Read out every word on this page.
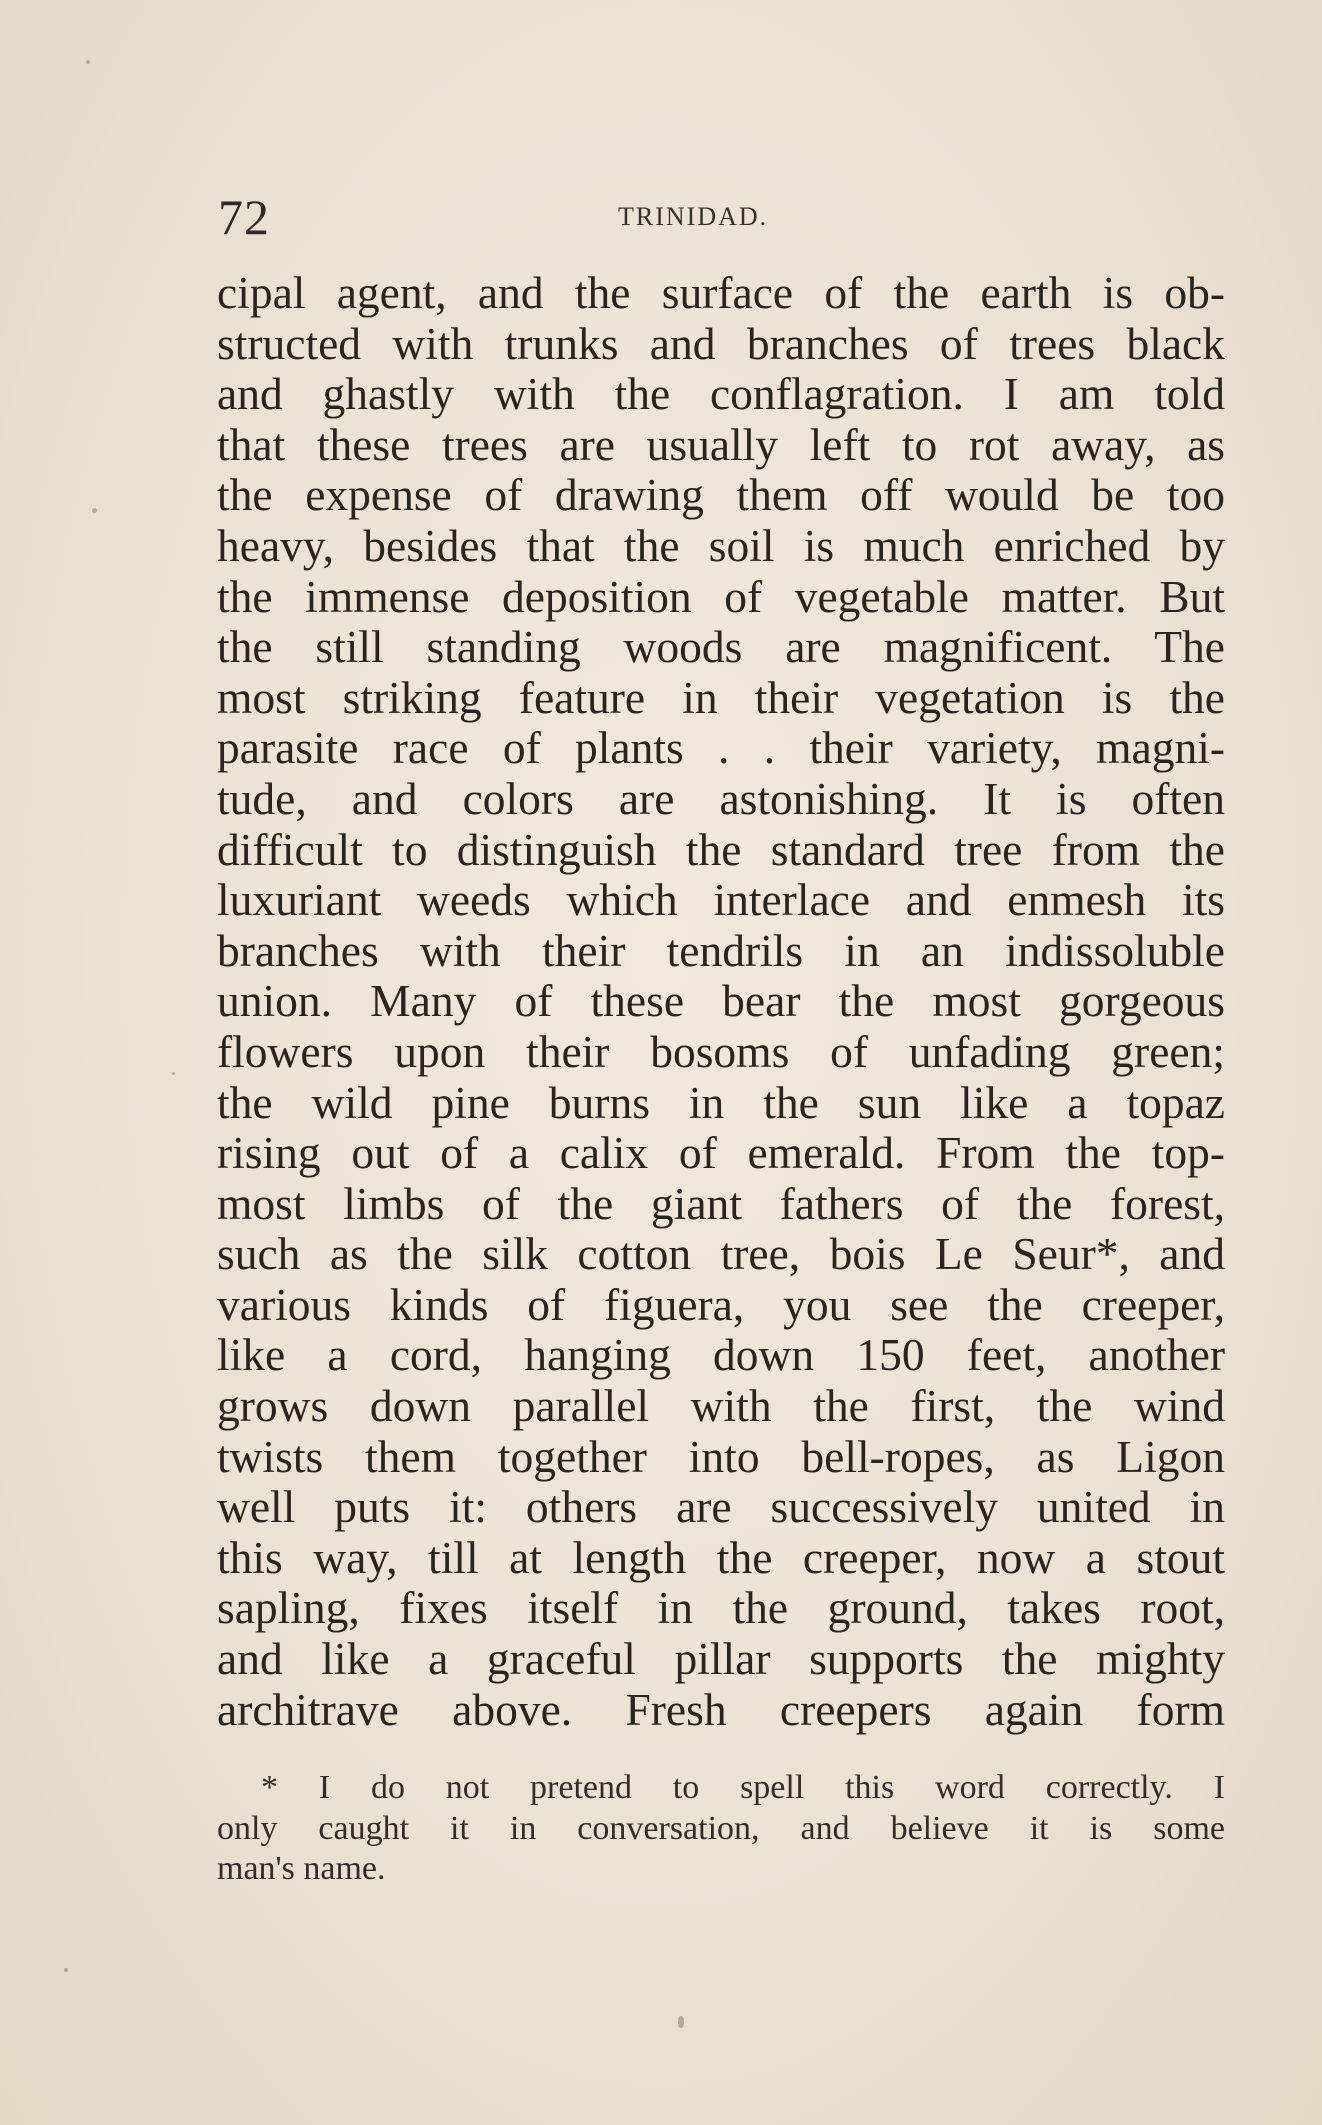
72	TRINIDAD.
cipal agent, and the surface of the earth is ob-
structed with trunks and branches of trees black
and ghastly with the conflagration. I am told
that these trees are usually left to rot away, as
the expense of drawing them off would be too
heavy, besides that the soil is much enriched by
the immense deposition of vegetable matter. But
the still standing woods are magnificent. The
most striking feature in their vegetation is the
parasite race of plants . . their variety, magni-
tude, and colors are astonishing. It is often
difficult to distinguish the standard tree from the
luxuriant weeds which interlace and enmesh its
branches with their tendrils in an indissoluble
union. Many of these bear the most gorgeous
flowers upon their bosoms of unfading green;
the wild pine burns in the sun like a topaz
rising out of a calix of emerald. From the top-
most limbs of the giant fathers of the forest,
such as the silk cotton tree, bois Le Seur*, and
various kinds of figuera, you see the creeper,
like a cord, hanging down 150 feet, another
grows down parallel with the first, the wind
twists them together into bell-ropes, as Ligon
well puts it: others are successively united in
this way, till at length the creeper, now a stout
sapling, fixes itself in the ground, takes root,
and like a graceful pillar supports the mighty
architrave above. Fresh creepers again form
* I do not pretend to spell this word correctly. I
only caught it in conversation, and believe it is some
man's name.
